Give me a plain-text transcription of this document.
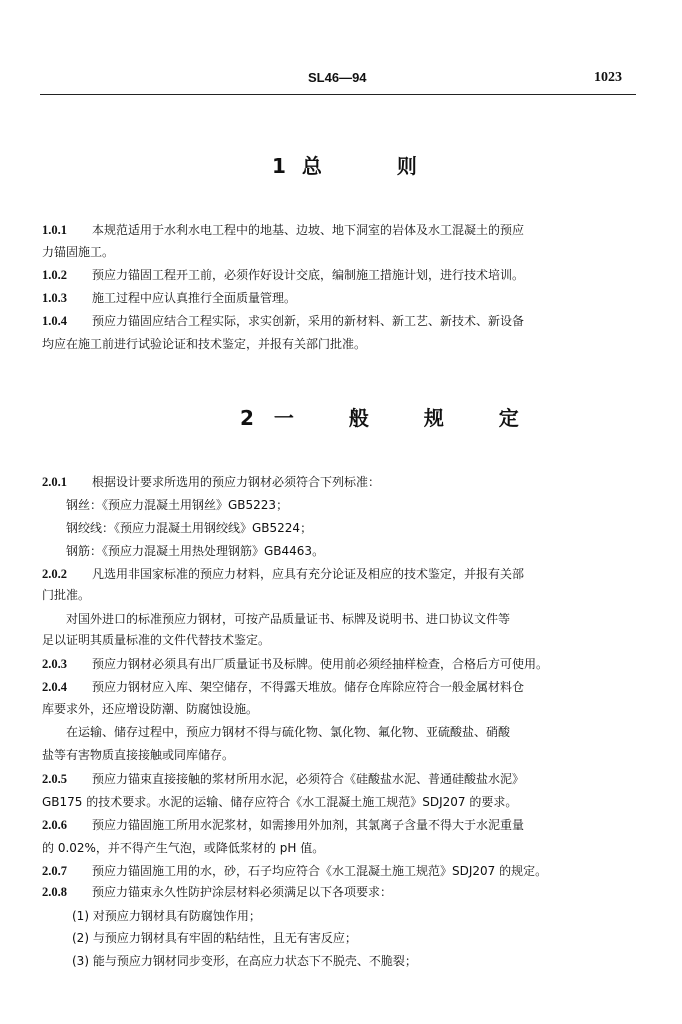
SL46—94	1023
1 总 则
1.0.1 本规范适用于水利水电工程中的地基、边坡、地下洞室的岩体及水工混凝土的预应
力锚固施工。
1.0.2 预应力锚固工程开工前，必须作好设计交底，编制施工措施计划，进行技术培训。
1.0.3 施工过程中应认真推行全面质量管理。
1.0.4 预应力锚固应结合工程实际，求实创新，采用的新材料、新工艺、新技术、新设备
均应在施工前进行试验论证和技术鉴定，并报有关部门批准。
2 一 般 规 定
2.0.1 根据设计要求所选用的预应力钢材必须符合下列标准：
钢丝：《预应力混凝土用钢丝》GB5223；
钢绞线：《预应力混凝土用钢绞线》GB5224；
钢筋：《预应力混凝土用热处理钢筋》GB4463。
2.0.2 凡选用非国家标准的预应力材料，应具有充分论证及相应的技术鉴定，并报有关部
门批准。
对国外进口的标准预应力钢材，可按产品质量证书、标牌及说明书、进口协议文件等
足以证明其质量标准的文件代替技术鉴定。
2.0.3 预应力钢材必须具有出厂质量证书及标牌。使用前必须经抽样检查，合格后方可使用。
2.0.4 预应力钢材应入库、架空储存，不得露天堆放。储存仓库除应符合一般金属材料仓
库要求外，还应增设防潮、防腐蚀设施。
在运输、储存过程中，预应力钢材不得与硫化物、氯化物、氟化物、亚硫酸盐、硝酸
盐等有害物质直接接触或同库储存。
2.0.5 预应力锚束直接接触的浆材所用水泥，必须符合《硅酸盐水泥、普通硅酸盐水泥》
GB175 的技术要求。水泥的运输、储存应符合《水工混凝土施工规范》SDJ207 的要求。
2.0.6 预应力锚固施工所用水泥浆材，如需掺用外加剂，其氯离子含量不得大于水泥重量
的 0.02%，并不得产生气泡，或降低浆材的 pH 值。
2.0.7 预应力锚固施工用的水，砂，石子均应符合《水工混凝土施工规范》SDJ207 的规定。
2.0.8 预应力锚束永久性防护涂层材料必须满足以下各项要求：
(1) 对预应力钢材具有防腐蚀作用；
(2) 与预应力钢材具有牢固的粘结性，且无有害反应；
(3) 能与预应力钢材同步变形，在高应力状态下不脱壳、不脆裂；
